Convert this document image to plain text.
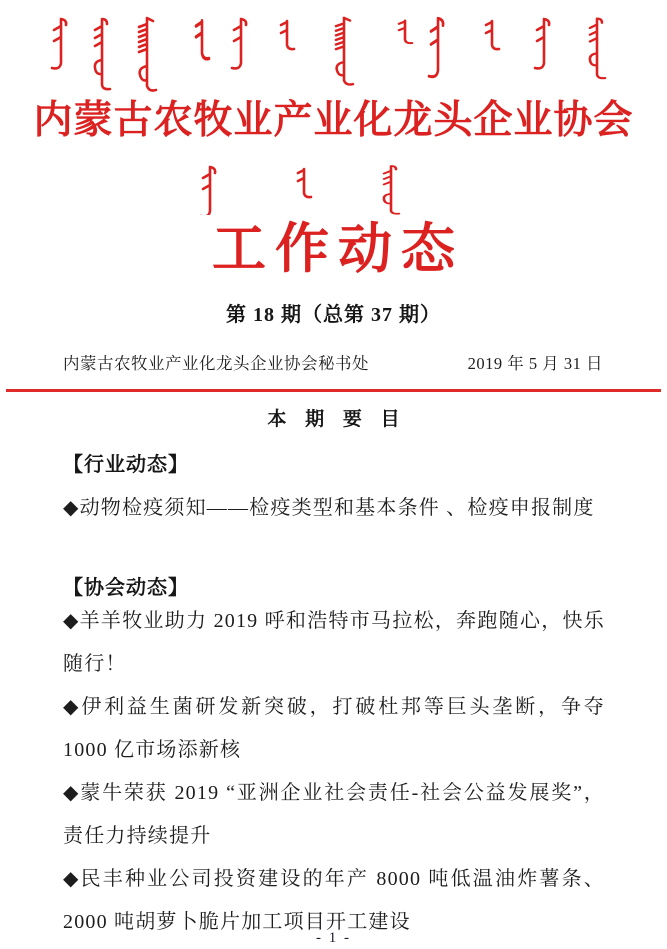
内蒙古农牧业产业化龙头企业协会
工作动态
第 18 期（总第 37 期）
内蒙古农牧业产业化龙头企业协会秘书处	2019 年 5 月 31 日
本 期 要 目
【行业动态】
◆动物检疫须知——检疫类型和基本条件 、检疫申报制度
【协会动态】
◆羊羊牧业助力 2019 呼和浩特市马拉松，奔跑随心，快乐随行！
◆伊利益生菌研发新突破，打破杜邦等巨头垄断，争夺 1000 亿市场添新核
◆蒙牛荣获 2019 “亚洲企业社会责任-社会公益发展奖”，责任力持续提升
◆民丰种业公司投资建设的年产 8000 吨低温油炸薯条、2000 吨胡萝卜脆片加工项目开工建设
- 1 -
